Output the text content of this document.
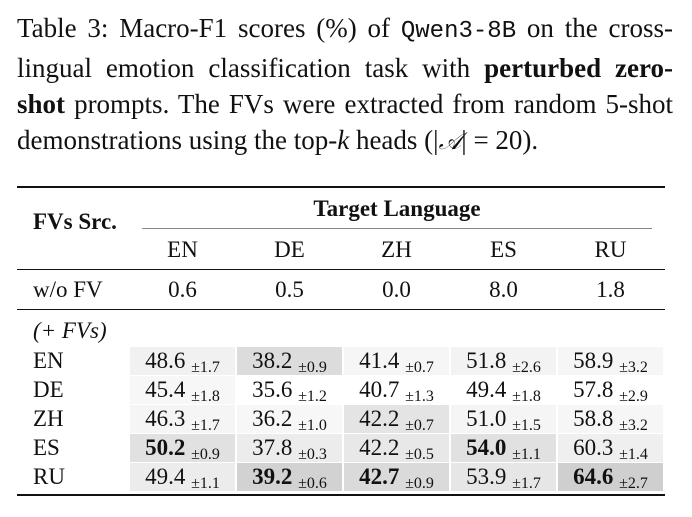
Table 3: Macro-F1 scores (%) of Qwen3-8B on the cross-lingual emotion classification task with perturbed zero-shot prompts. The FVs were extracted from random 5-shot demonstrations using the top-k heads (|𝒜| = 20).
FVs Src.
Target Language
EN	DE	ZH	ES	RU
w/o FV	0.6	0.5	0.0	8.0	1.8
(+ FVs)
EN	48.6 ±1.7	38.2 ±0.9	41.4 ±0.7	51.8 ±2.6	58.9 ±3.2
DE	45.4 ±1.8	35.6 ±1.2	40.7 ±1.3	49.4 ±1.8	57.8 ±2.9
ZH	46.3 ±1.7	36.2 ±1.0	42.2 ±0.7	51.0 ±1.5	58.8 ±3.2
ES	50.2 ±0.9	37.8 ±0.3	42.2 ±0.5	54.0 ±1.1	60.3 ±1.4
RU	49.4 ±1.1	39.2 ±0.6	42.7 ±0.9	53.9 ±1.7	64.6 ±2.7
